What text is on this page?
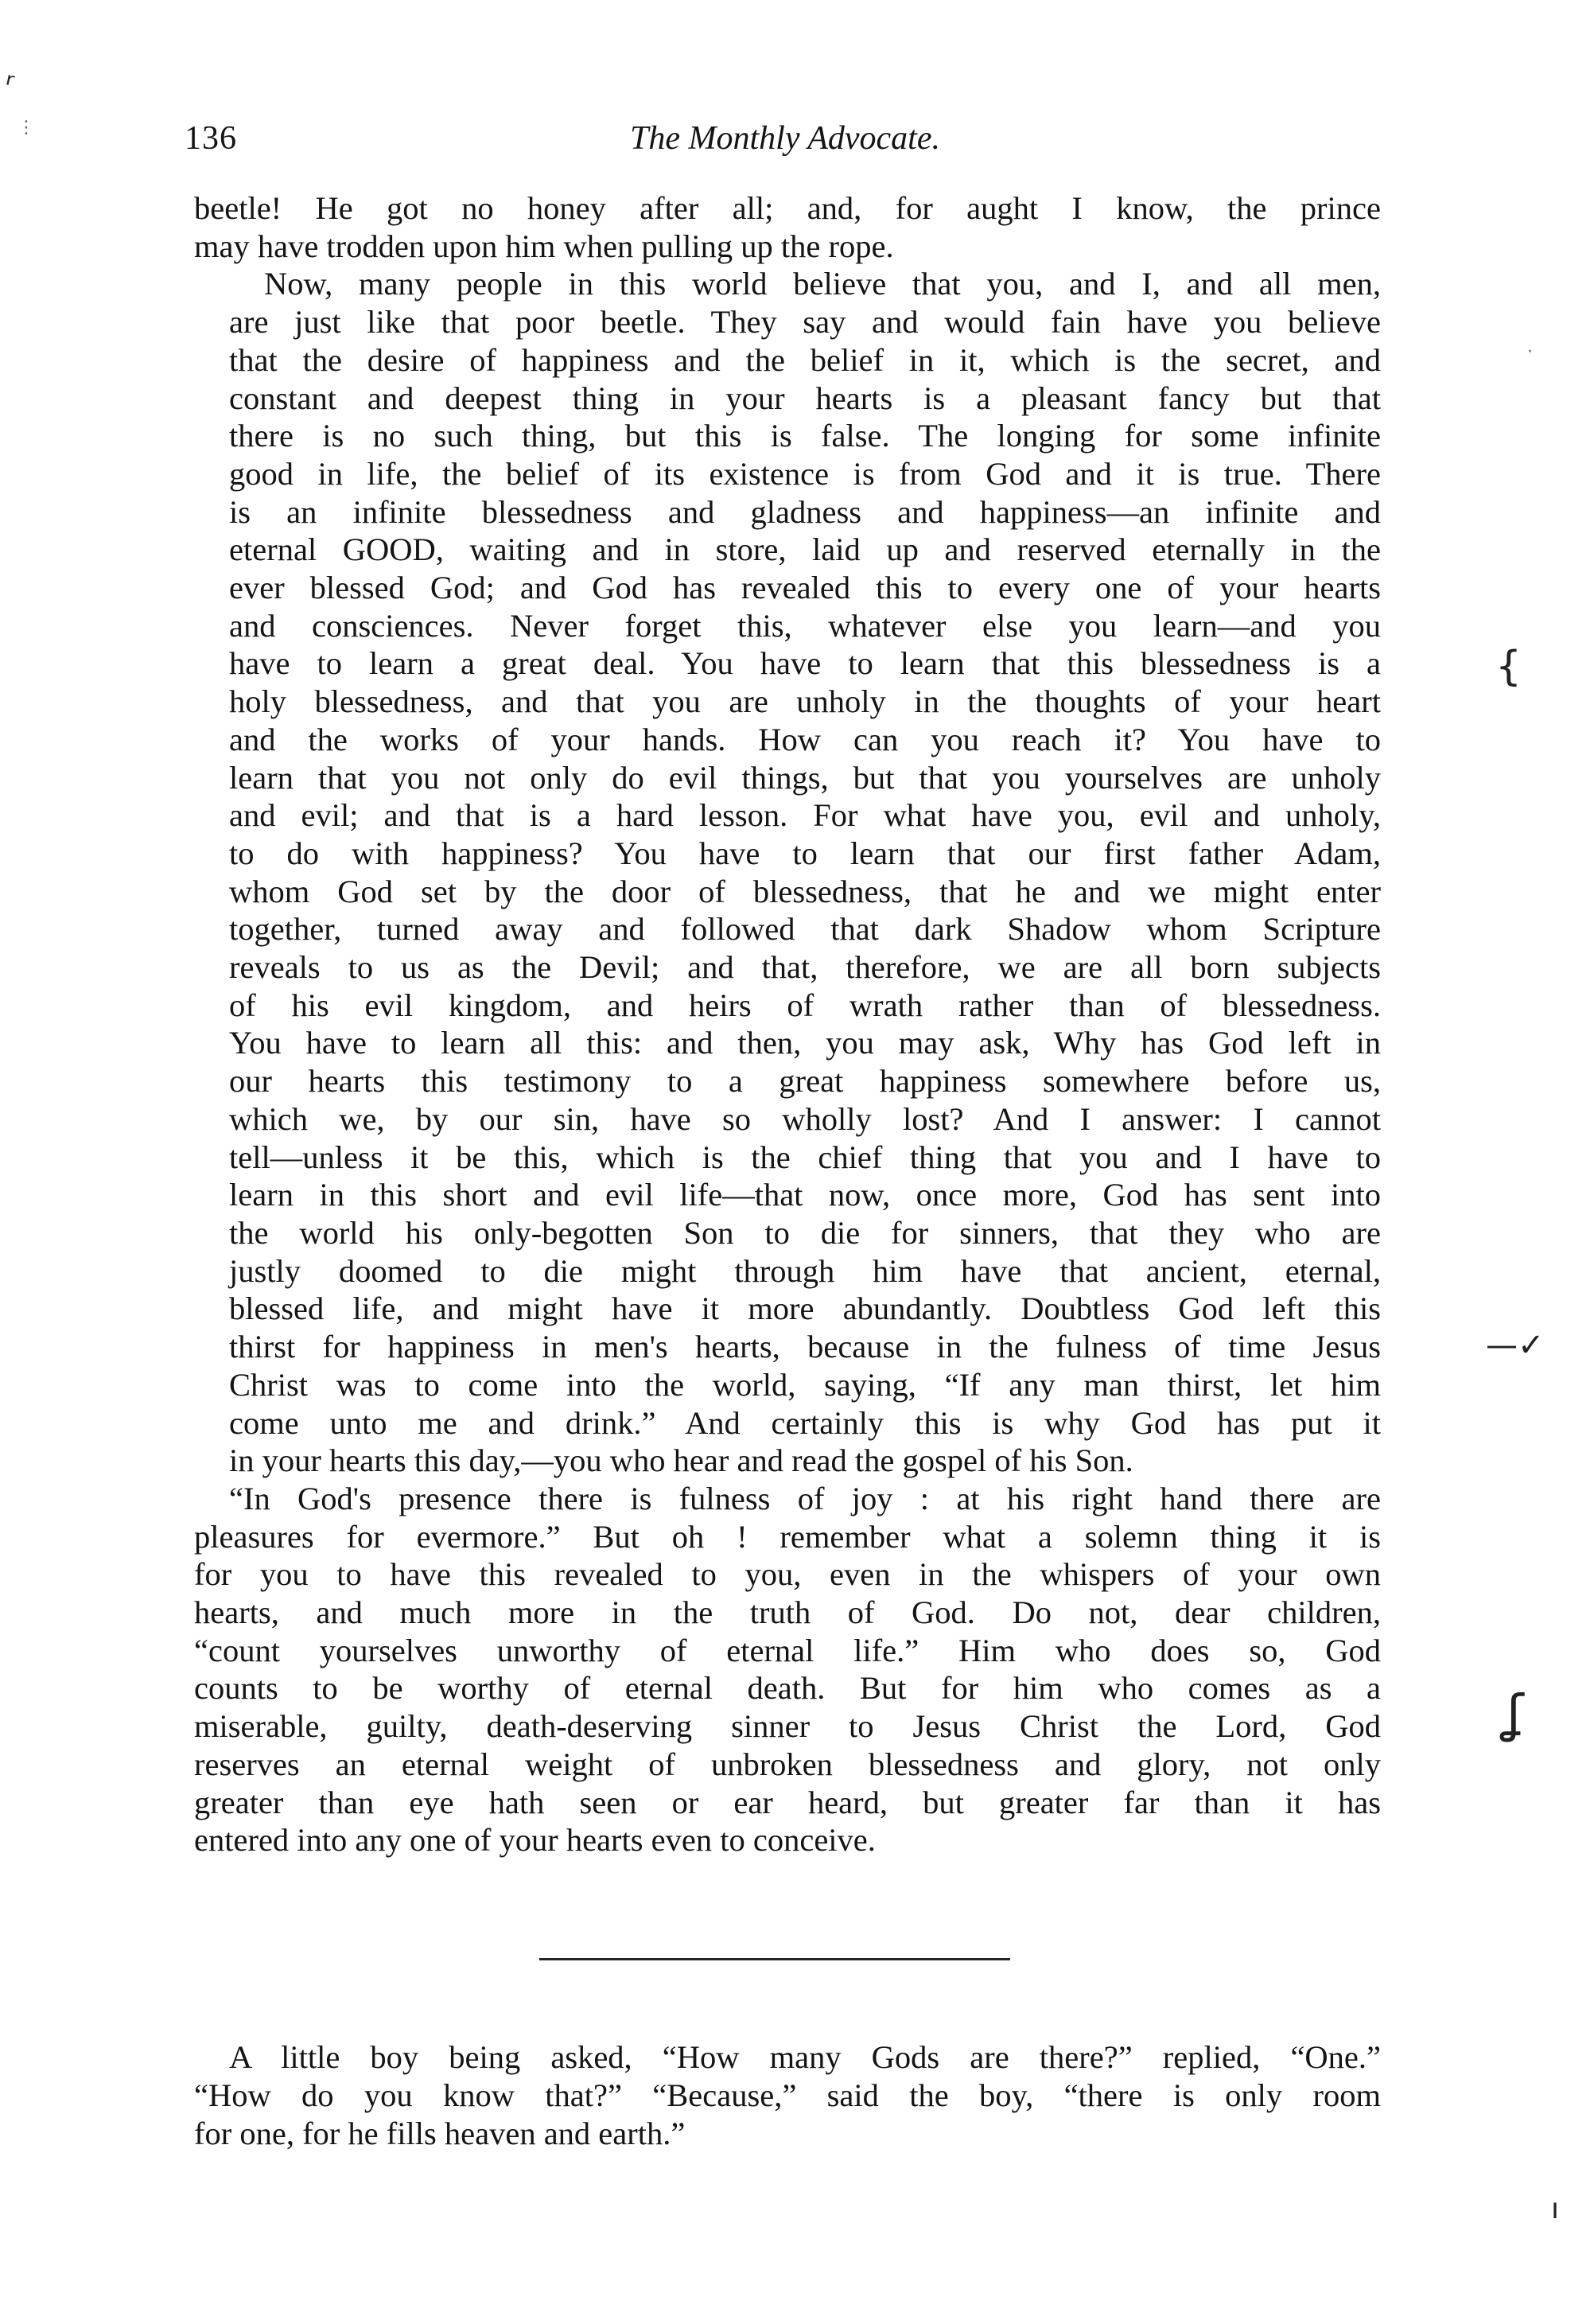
ʳ
⋮
·
{
—✓
ʆ
ı
136	The Monthly Advocate.

beetle! He got no honey after all; and, for aught I know, the prince
may have trodden upon him when pulling up the rope.

Now, many people in this world believe that you, and I, and all men,
are just like that poor beetle. They say and would fain have you believe
that the desire of happiness and the belief in it, which is the secret, and
constant and deepest thing in your hearts is a pleasant fancy but that
there is no such thing, but this is false. The longing for some infinite
good in life, the belief of its existence is from God and it is true. There
is an infinite blessedness and gladness and happiness—an infinite and
eternal GOOD, waiting and in store, laid up and reserved eternally in the
ever blessed God; and God has revealed this to every one of your hearts
and consciences. Never forget this, whatever else you learn—and you
have to learn a great deal. You have to learn that this blessedness is a
holy blessedness, and that you are unholy in the thoughts of your heart
and the works of your hands. How can you reach it? You have to
learn that you not only do evil things, but that you yourselves are unholy
and evil; and that is a hard lesson. For what have you, evil and unholy,
to do with happiness? You have to learn that our first father Adam,
whom God set by the door of blessedness, that he and we might enter
together, turned away and followed that dark Shadow whom Scripture
reveals to us as the Devil; and that, therefore, we are all born subjects
of his evil kingdom, and heirs of wrath rather than of blessedness.
You have to learn all this: and then, you may ask, Why has God left in
our hearts this testimony to a great happiness somewhere before us,
which we, by our sin, have so wholly lost? And I answer: I cannot
tell—unless it be this, which is the chief thing that you and I have to
learn in this short and evil life—that now, once more, God has sent into
the world his only-begotten Son to die for sinners, that they who are
justly doomed to die might through him have that ancient, eternal,
blessed life, and might have it more abundantly. Doubtless God left this
thirst for happiness in men's hearts, because in the fulness of time Jesus
Christ was to come into the world, saying, “If any man thirst, let him
come unto me and drink.” And certainly this is why God has put it
in your hearts this day,—you who hear and read the gospel of his Son.

“In God's presence there is fulness of joy : at his right hand there are
pleasures for evermore.” But oh ! remember what a solemn thing it is
for you to have this revealed to you, even in the whispers of your own
hearts, and much more in the truth of God. Do not, dear children,
“count yourselves unworthy of eternal life.” Him who does so, God
counts to be worthy of eternal death. But for him who comes as a
miserable, guilty, death-deserving sinner to Jesus Christ the Lord, God
reserves an eternal weight of unbroken blessedness and glory, not only
greater than eye hath seen or ear heard, but greater far than it has
entered into any one of your hearts even to conceive.

A little boy being asked, “How many Gods are there?” replied, “One.”
“How do you know that?” “Because,” said the boy, “there is only room
for one, for he fills heaven and earth.”
